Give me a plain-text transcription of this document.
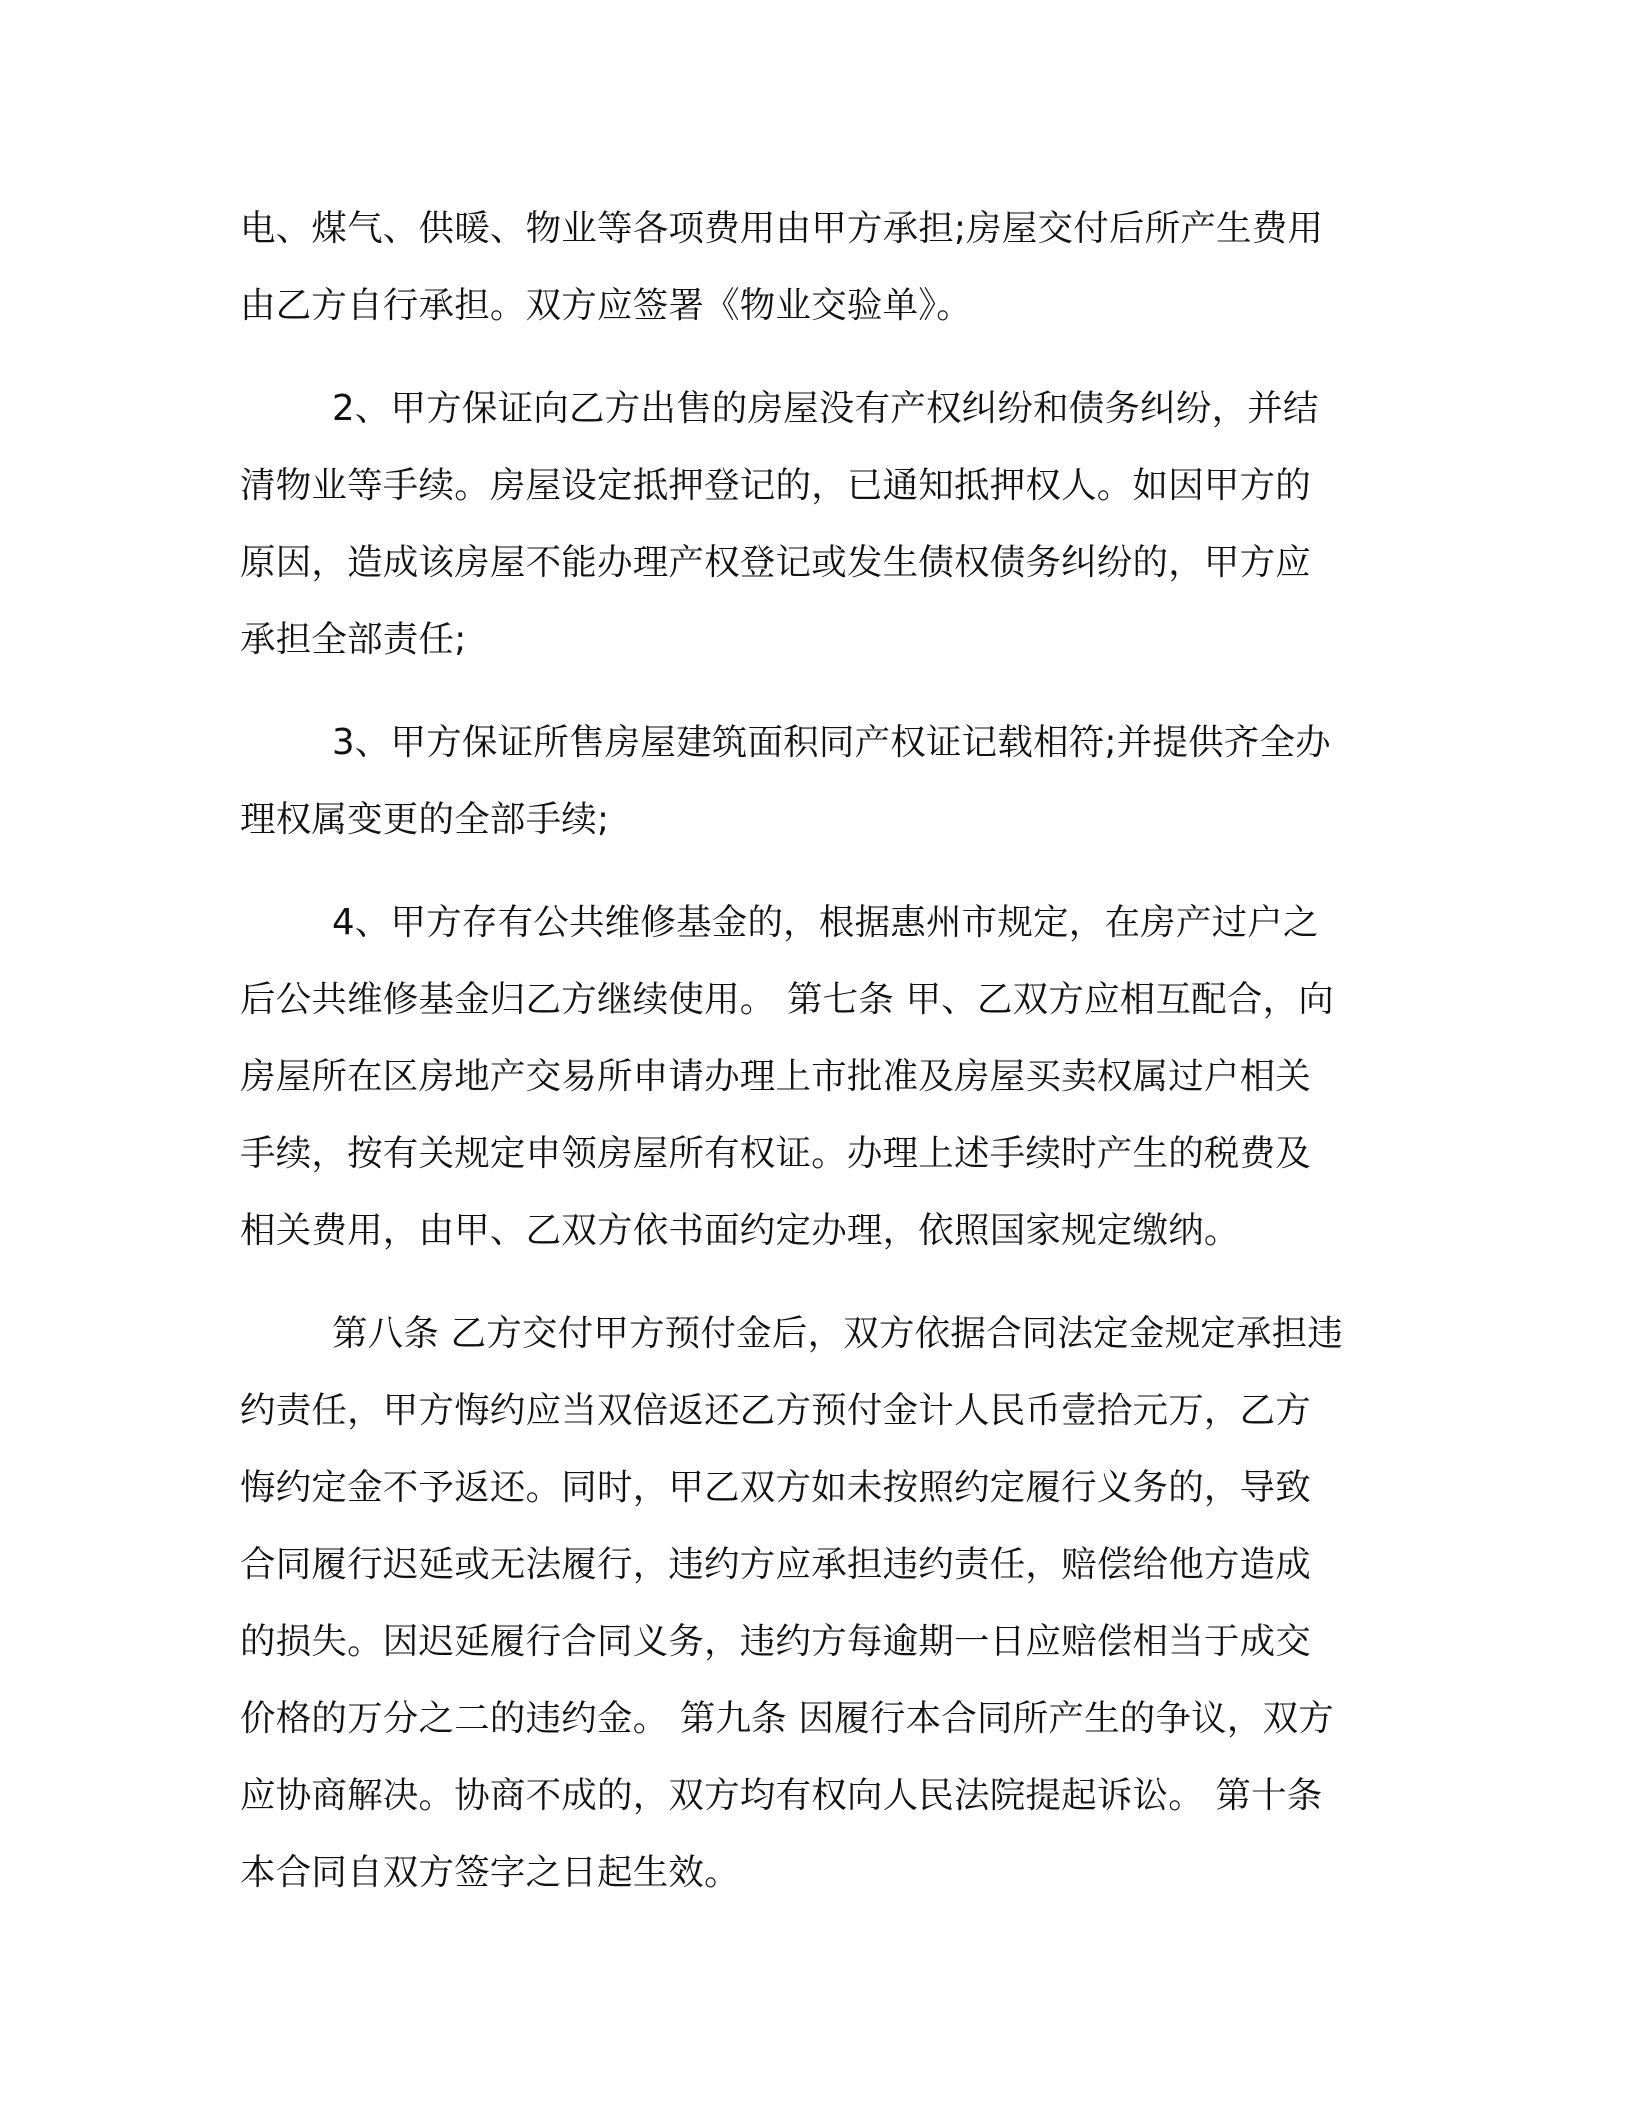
电、煤气、供暖、物业等各项费用由甲方承担;房屋交付后所产生费用
由乙方自行承担。双方应签署《物业交验单》。

2、甲方保证向乙方出售的房屋没有产权纠纷和债务纠纷，并结
清物业等手续。房屋设定抵押登记的，已通知抵押权人。如因甲方的
原因，造成该房屋不能办理产权登记或发生债权债务纠纷的，甲方应
承担全部责任;

3、甲方保证所售房屋建筑面积同产权证记载相符;并提供齐全办
理权属变更的全部手续;

4、甲方存有公共维修基金的，根据惠州市规定，在房产过户之
后公共维修基金归乙方继续使用。 第七条 甲、乙双方应相互配合，向
房屋所在区房地产交易所申请办理上市批准及房屋买卖权属过户相关
手续，按有关规定申领房屋所有权证。办理上述手续时产生的税费及
相关费用，由甲、乙双方依书面约定办理，依照国家规定缴纳。

第八条 乙方交付甲方预付金后，双方依据合同法定金规定承担违
约责任，甲方悔约应当双倍返还乙方预付金计人民币壹拾元万，乙方
悔约定金不予返还。同时，甲乙双方如未按照约定履行义务的，导致
合同履行迟延或无法履行，违约方应承担违约责任，赔偿给他方造成
的损失。因迟延履行合同义务，违约方每逾期一日应赔偿相当于成交
价格的万分之二的违约金。 第九条 因履行本合同所产生的争议，双方
应协商解决。协商不成的，双方均有权向人民法院提起诉讼。 第十条
本合同自双方签字之日起生效。
